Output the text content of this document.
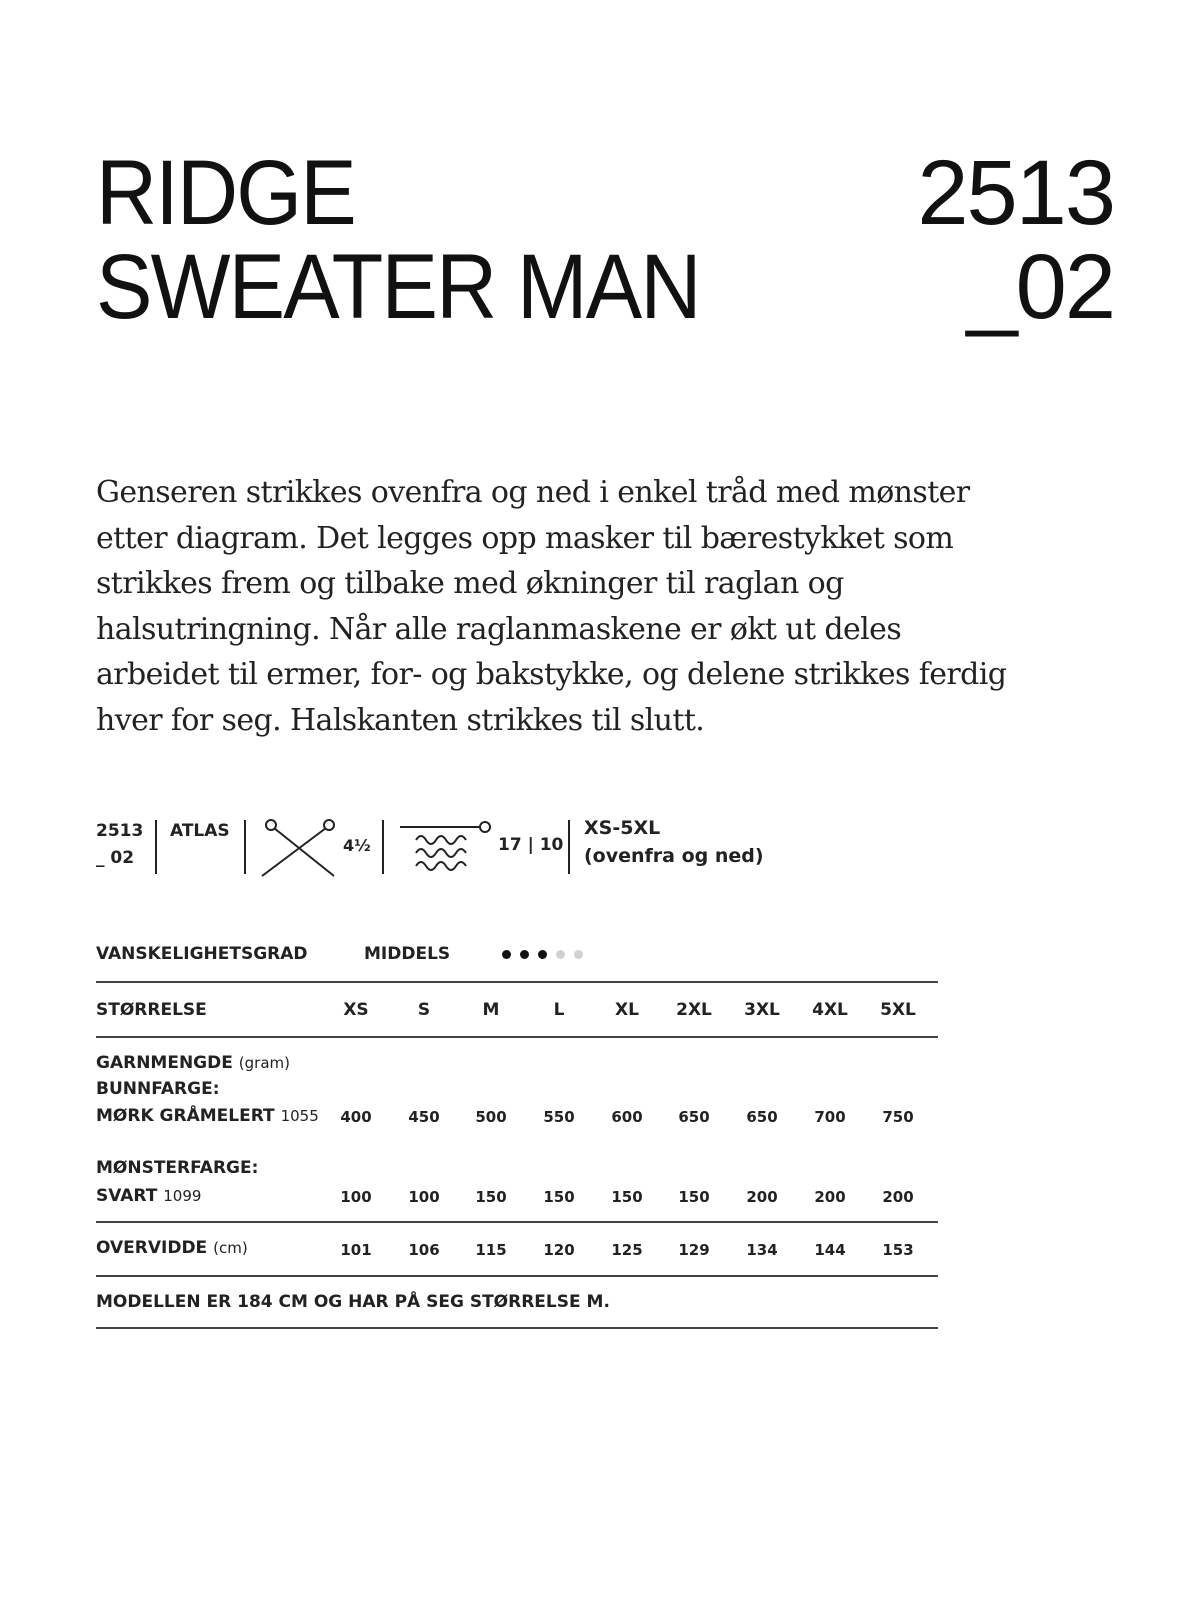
RIDGE
SWEATER MAN
2513
_02
Genseren strikkes ovenfra og ned i enkel tråd med mønster
etter diagram. Det legges opp masker til bærestykket som
strikkes frem og tilbake med økninger til raglan og
halsutringning. Når alle raglanmaskene er økt ut deles
arbeidet til ermer, for- og bakstykke, og delene strikkes ferdig
hver for seg. Halskanten strikkes til slutt.
2513
_ 02
ATLAS
4½	17 | 10
XS-5XL
(ovenfra og ned)
VANSKELIGHETSGRAD	MIDDELS
STØRRELSE	XS	S	M	L	XL	2XL	3XL	4XL	5XL
GARNMENGDE (gram)
BUNNFARGE:
MØRK GRÅMELERT 1055	400	450	500	550	600	650	650	700	750
MØNSTERFARGE:
SVART 1099	100	100	150	150	150	150	200	200	200
OVERVIDDE (cm)	101	106	115	120	125	129	134	144	153
MODELLEN ER 184 CM OG HAR PÅ SEG STØRRELSE M.
